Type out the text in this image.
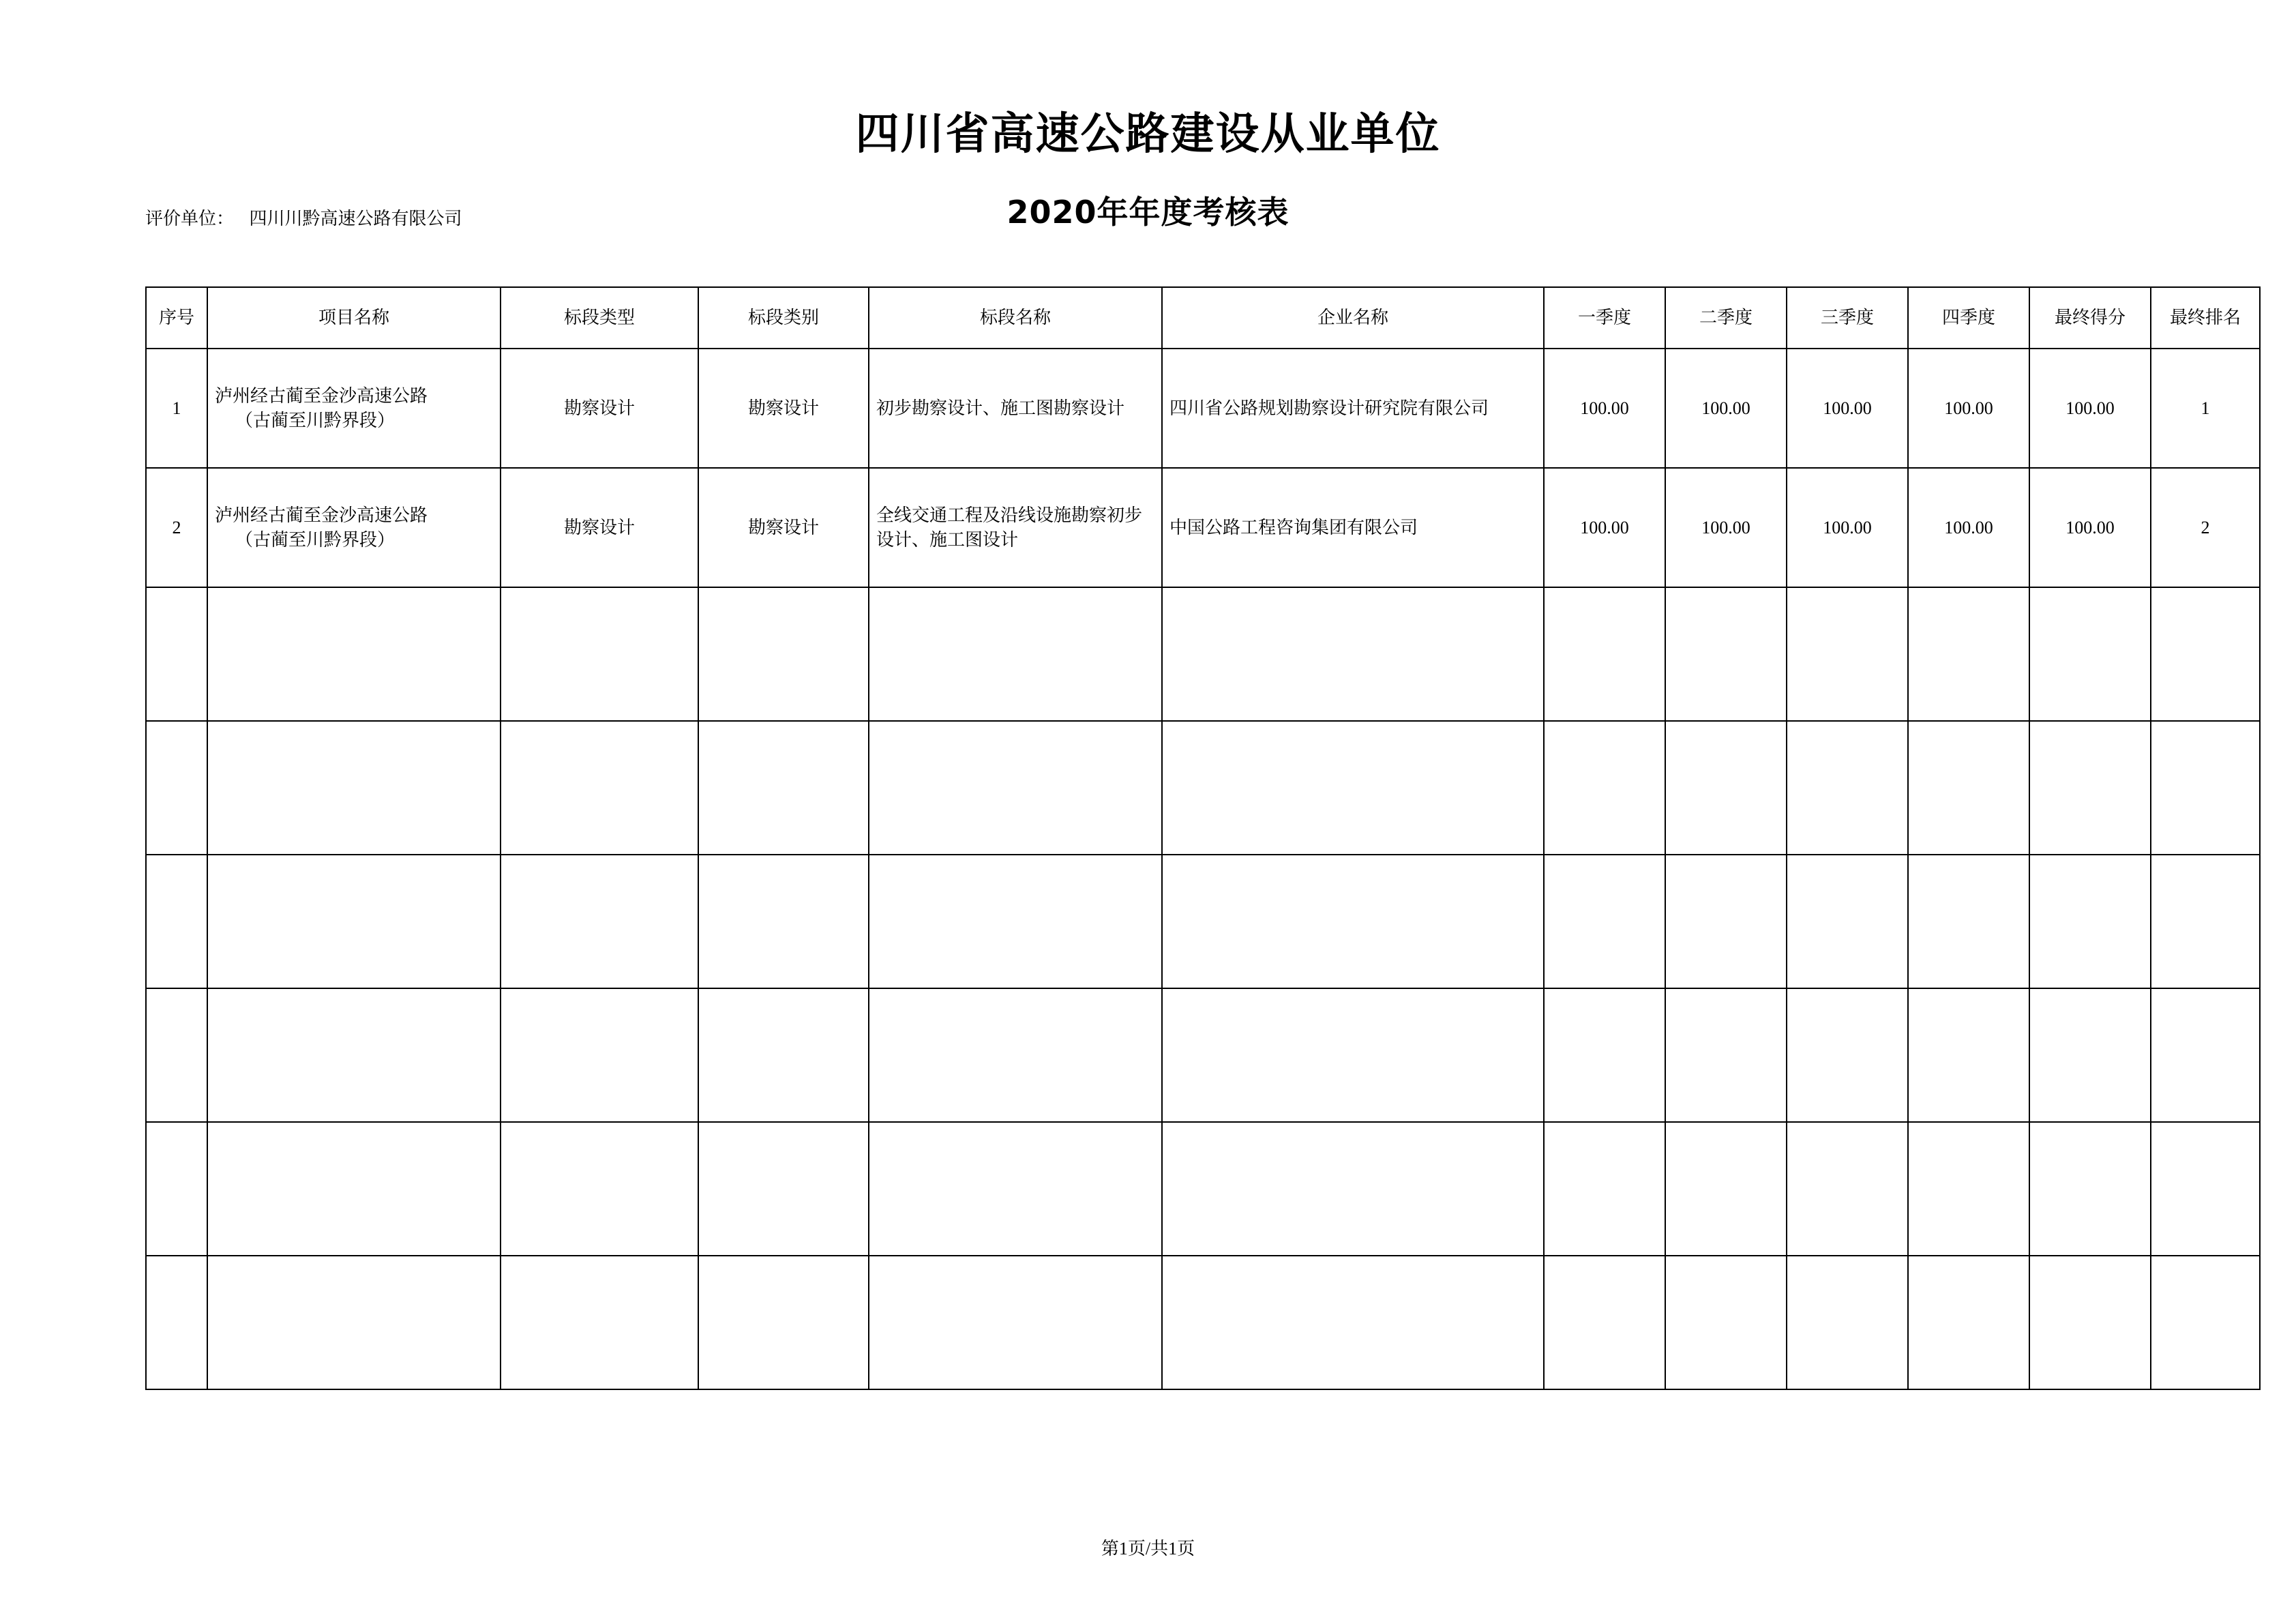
四川省高速公路建设从业单位
2020年年度考核表
评价单位： 四川川黔高速公路有限公司
序号	项目名称	标段类型	标段类别	标段名称	企业名称	一季度	二季度	三季度	四季度	最终得分	最终排名
1	泸州经古蔺至金沙高速公路
（古蔺至川黔界段）	勘察设计	勘察设计	初步勘察设计、施工图勘察设计	四川省公路规划勘察设计研究院有限公司	100.00	100.00	100.00	100.00	100.00	1
2	泸州经古蔺至金沙高速公路
（古蔺至川黔界段）	勘察设计	勘察设计	全线交通工程及沿线设施勘察初步设计、施工图设计	中国公路工程咨询集团有限公司	100.00	100.00	100.00	100.00	100.00	2

第1页/共1页
